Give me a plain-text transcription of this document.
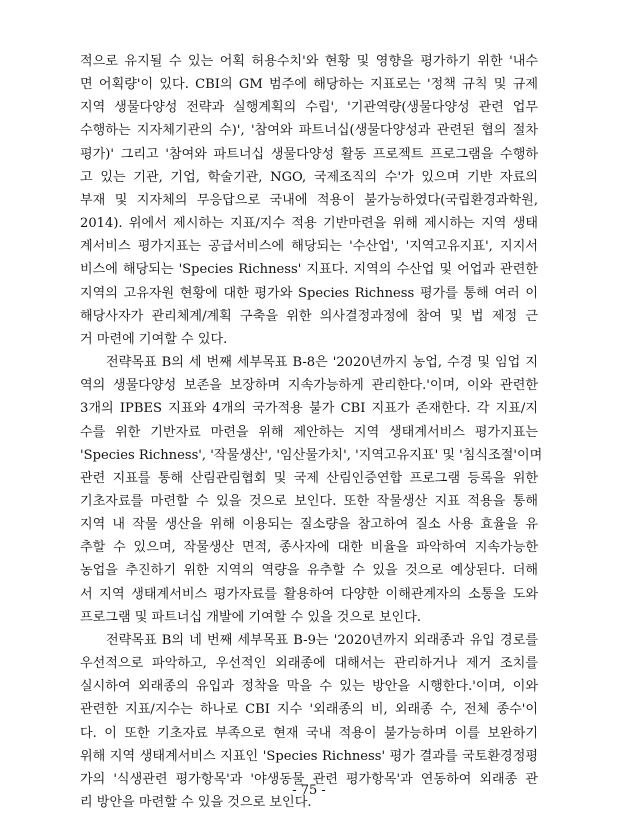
적으로 유지될 수 있는 어획 허용수치'와 현황 및 영향을 평가하기 위한 '내수
면 어획량'이 있다. CBI의 GM 범주에 해당하는 지표로는 '정책 규칙 및 규제
지역 생물다양성 전략과 실행계획의 수립', '기관역량(생물다양성 관련 업무
수행하는 지자체기관의 수)', '참여와 파트너십(생물다양성과 관련된 협의 절차
평가)' 그리고 '참여와 파트너십 생물다양성 활동 프로젝트 프로그램을 수행하
고 있는 기관, 기업, 학술기관, NGO, 국제조직의 수'가 있으며 기반 자료의
부재 및 지자체의 무응답으로 국내에 적용이 불가능하였다(국립환경과학원,
2014). 위에서 제시하는 지표/지수 적용 기반마련을 위해 제시하는 지역 생태
계서비스 평가지표는 공급서비스에 해당되는 '수산업', '지역고유지표', 지지서
비스에 해당되는 'Species Richness' 지표다. 지역의 수산업 및 어업과 관련한
지역의 고유자원 현황에 대한 평가와 Species Richness 평가를 통해 여러 이
해당사자가 관리체계/계획 구축을 위한 의사결정과정에 참여 및 법 제정 근
거 마련에 기여할 수 있다.

전략목표 B의 세 번째 세부목표 B-8은 '2020년까지 농업, 수경 및 임업 지
역의 생물다양성 보존을 보장하며 지속가능하게 관리한다.'이며, 이와 관련한
3개의 IPBES 지표와 4개의 국가적용 불가 CBI 지표가 존재한다. 각 지표/지
수를 위한 기반자료 마련을 위해 제안하는 지역 생태계서비스 평가지표는
'Species Richness', '작물생산', '임산물가치', '지역고유지표' 및 '침식조절'이며
관련 지표를 통해 산림관림협회 및 국제 산림인증연합 프로그램 등록을 위한
기초자료를 마련할 수 있을 것으로 보인다. 또한 작물생산 지표 적용을 통해
지역 내 작물 생산을 위해 이용되는 질소량을 참고하여 질소 사용 효율을 유
추할 수 있으며, 작물생산 면적, 종사자에 대한 비율을 파악하여 지속가능한
농업을 추진하기 위한 지역의 역량을 유추할 수 있을 것으로 예상된다. 더해
서 지역 생태계서비스 평가자료를 활용하여 다양한 이해관계자의 소통을 도와
프로그램 및 파트너십 개발에 기여할 수 있을 것으로 보인다.

전략목표 B의 네 번째 세부목표 B-9는 '2020년까지 외래종과 유입 경로를
우선적으로 파악하고, 우선적인 외래종에 대해서는 관리하거나 제거 조치를
실시하여 외래종의 유입과 정착을 막을 수 있는 방안을 시행한다.'이며, 이와
관련한 지표/지수는 하나로 CBI 지수 '외래종의 비, 외래종 수, 전체 종수'이
다. 이 또한 기초자료 부족으로 현재 국내 적용이 불가능하며 이를 보완하기
위해 지역 생태계서비스 지표인 'Species Richness' 평가 결과를 국토환경정평
가의 '식생관련 평가항목'과 '야생동물 관련 평가항목'과 연동하여 외래종 관
리 방안을 마련할 수 있을 것으로 보인다.

- 75 -
